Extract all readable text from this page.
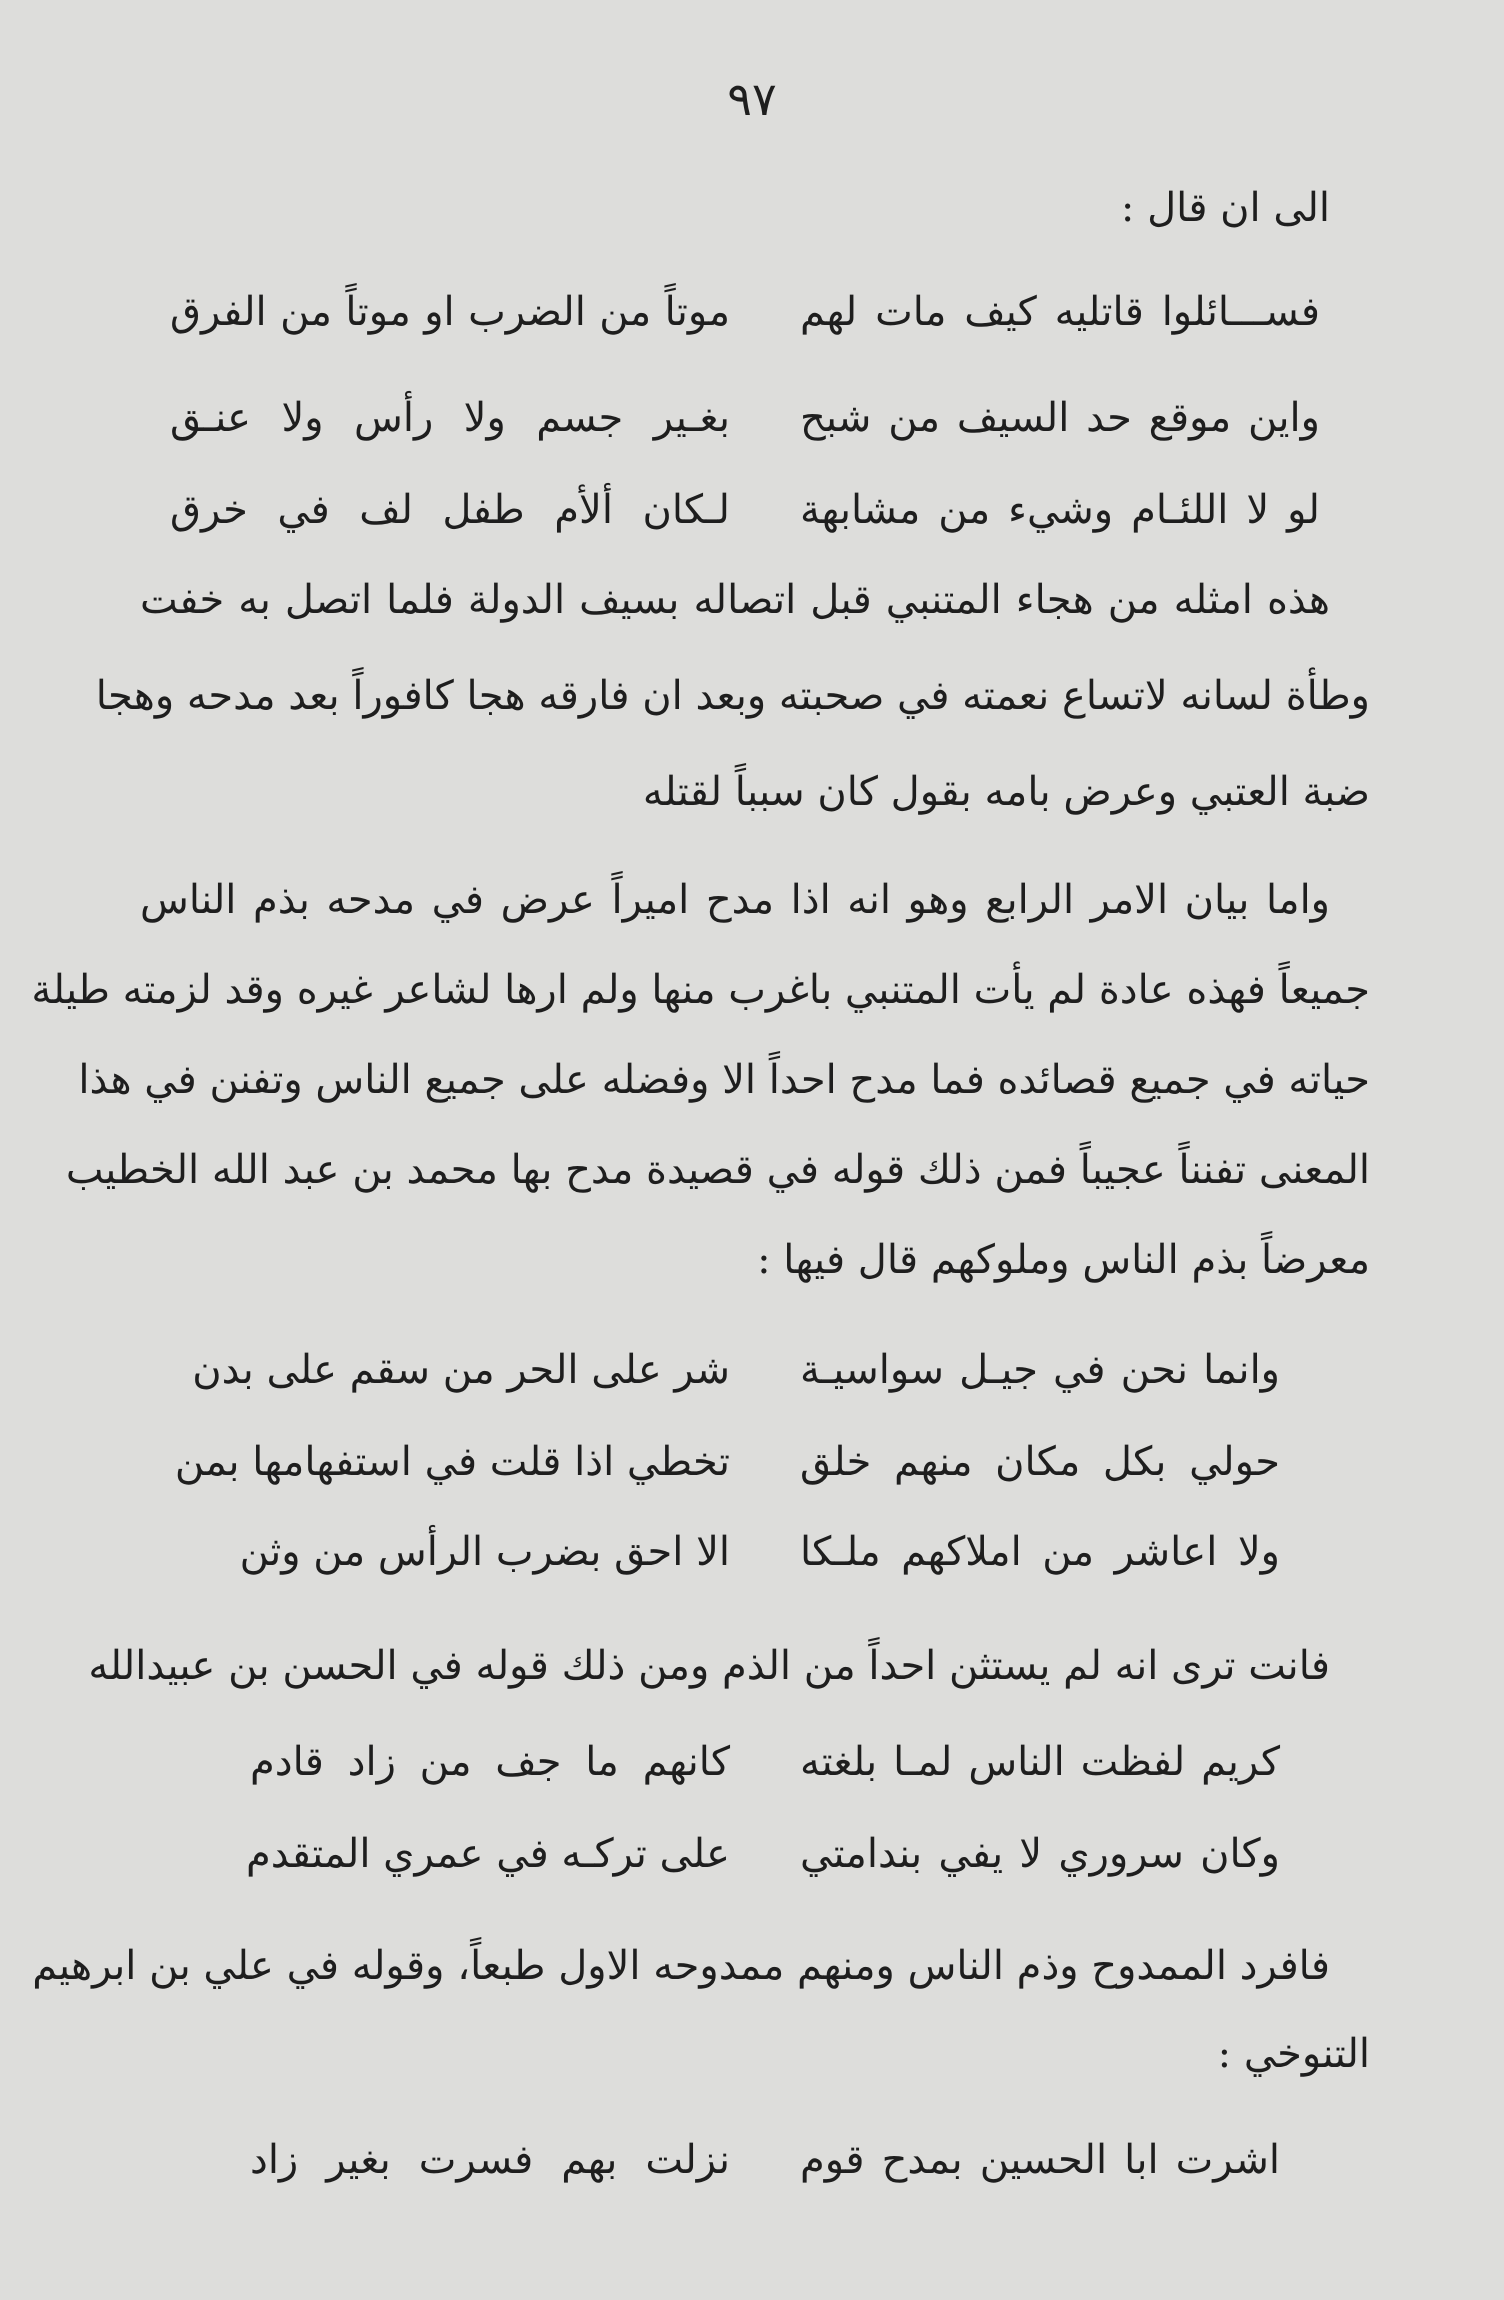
٩٧
الى ان قال :
فســـائلوا قاتليه كيف مات لهم
موتاً من الضرب او موتاً من الفرق
واين موقع حد السيف من شبح
بغـير جسم ولا رأس ولا عنـق
لو لا اللئـام وشيء من مشابهة
لـكان ألأم طفل لف في خرق
هذه امثله من هجاء المتنبي قبل اتصاله بسيف الدولة فلما اتصل به خفت
وطأة لسانه لاتساع نعمته في صحبته وبعد ان فارقه هجا كافوراً بعد مدحه وهجا
ضبة العتبي وعرض بامه بقول كان سبباً لقتله
واما بيان الامر الرابع وهو انه اذا مدح اميراً عرض في مدحه بذم الناس
جميعاً فهذه عادة لم يأت المتنبي باغرب منها ولم ارها لشاعر غيره وقد لزمته طيلة
حياته في جميع قصائده فما مدح احداً الا وفضله على جميع الناس وتفنن في هذا
المعنى تفنناً عجيباً فمن ذلك قوله في قصيدة مدح بها محمد بن عبد الله الخطيب
معرضاً بذم الناس وملوكهم قال فيها :
وانما نحن في جيـل سواسيـة
شر على الحر من سقم على بدن
حولي بكل مكان منهم خلق
تخطي اذا قلت في استفهامها بمن
ولا اعاشر من املاكهم ملـكا
الا احق بضرب الرأس من وثن
فانت ترى انه لم يستثن احداً من الذم ومن ذلك قوله في الحسن بن عبيدالله
كريم لفظت الناس لمـا بلغته
كانهم ما جف من زاد قادم
وكان سروري لا يفي بندامتي
على تركـه في عمري المتقدم
فافرد الممدوح وذم الناس ومنهم ممدوحه الاول طبعاً، وقوله في علي بن ابرهيم
التنوخي :
اشرت ابا الحسين بمدح قوم
نزلت بهم فسرت بغير زاد
